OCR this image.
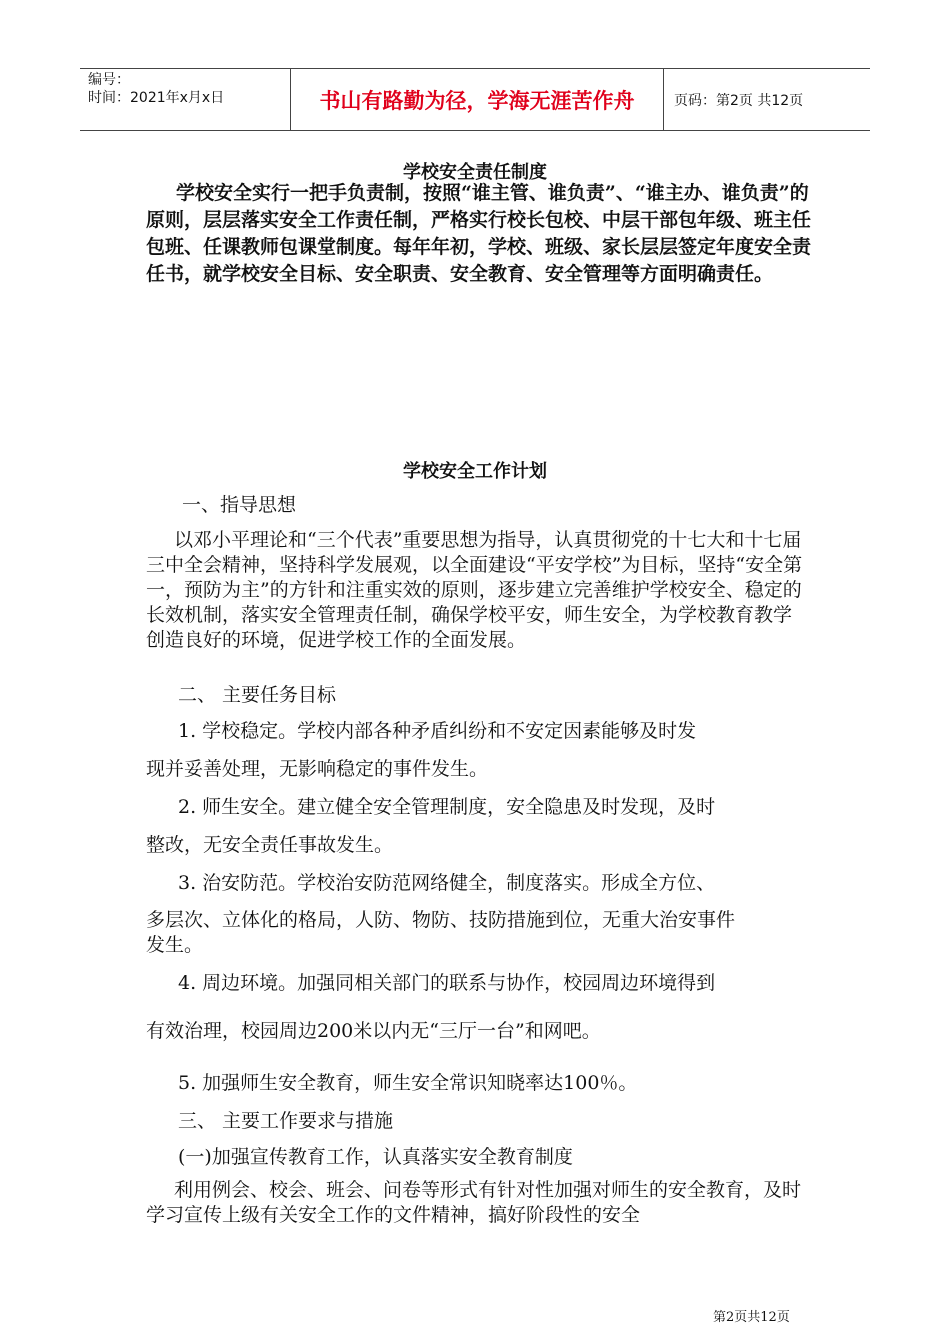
编号：
时间：2021年x月x日	书山有路勤为径，学海无涯苦作舟	页码：第2页 共12页
学校安全责任制度
学校安全实行一把手负责制，按照“谁主管、谁负责”、“谁主办、谁负责”的原则，层层落实安全工作责任制，严格实行校长包校、中层干部包年级、班主任包班、任课教师包课堂制度。每年年初，学校、班级、家长层层签定年度安全责任书，就学校安全目标、安全职责、安全教育、安全管理等方面明确责任。
学校安全工作计划
一、指导思想
以邓小平理论和“三个代表”重要思想为指导，认真贯彻党的十七大和十七届三中全会精神，坚持科学发展观，以全面建设“平安学校”为目标，坚持“安全第一，预防为主”的方针和注重实效的原则，逐步建立完善维护学校安全、稳定的长效机制，落实安全管理责任制，确保学校平安，师生安全，为学校教育教学创造良好的环境，促进学校工作的全面发展。
二、 主要任务目标
1. 学校稳定。学校内部各种矛盾纠纷和不安定因素能够及时发
现并妥善处理，无影响稳定的事件发生。
2. 师生安全。建立健全安全管理制度，安全隐患及时发现，及时
整改，无安全责任事故发生。
3. 治安防范。学校治安防范网络健全，制度落实。形成全方位、
多层次、立体化的格局，人防、物防、技防措施到位，无重大治安事件
发生。
4. 周边环境。加强同相关部门的联系与协作，校园周边环境得到
有效治理，校园周边200米以内无“三厅一台”和网吧。
5. 加强师生安全教育，师生安全常识知晓率达100％。
三、 主要工作要求与措施
(一)加强宣传教育工作，认真落实安全教育制度
利用例会、校会、班会、问卷等形式有针对性加强对师生的安全教育，及时学习宣传上级有关安全工作的文件精神，搞好阶段性的安全
第2页共12页
